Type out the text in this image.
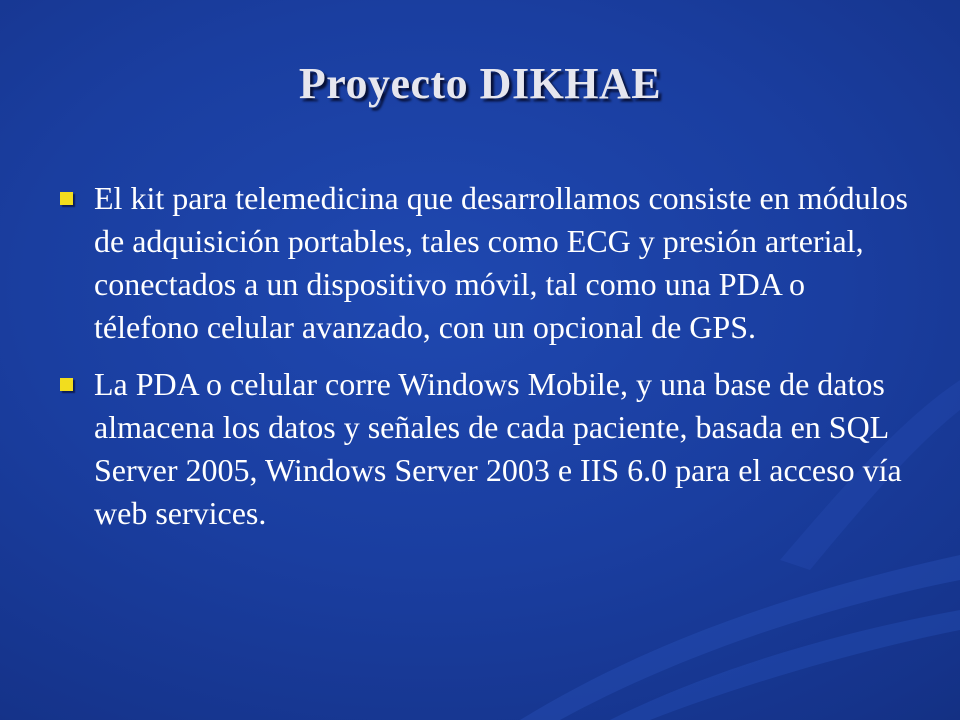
Proyecto DIKHAE
El kit para telemedicina que desarrollamos consiste en módulos de adquisición portables, tales como ECG y presión arterial, conectados a un dispositivo móvil, tal como una PDA o télefono celular avanzado, con un opcional de GPS.
La PDA o celular corre Windows Mobile, y una base de datos almacena los datos y señales de cada paciente, basada en SQL Server 2005, Windows Server 2003 e IIS 6.0 para el acceso vía web services.
